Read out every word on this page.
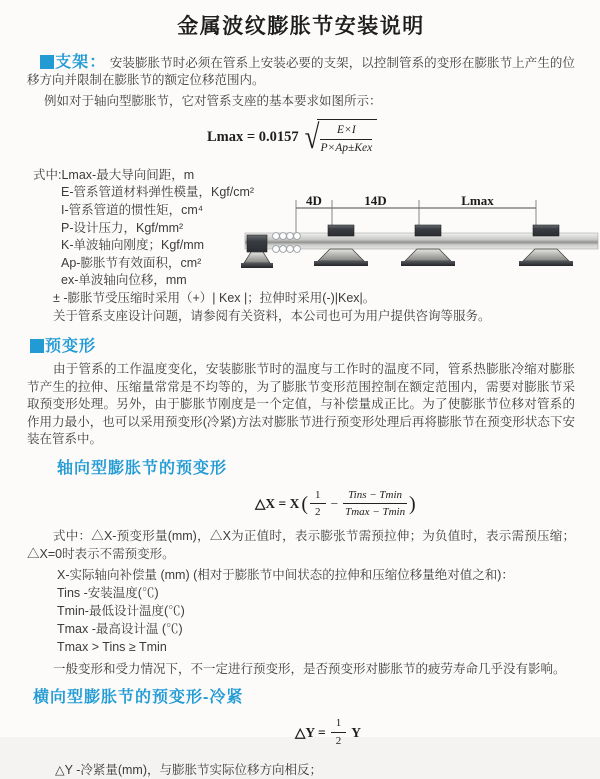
金属波纹膨胀节安装说明

支架： 安装膨胀节时必须在管系上安装必要的支架，以控制管系的变形在膨胀节上产生的位移方向并限制在膨胀节的额定位移范围内。

例如对于轴向型膨胀节，它对管系支座的基本要求如图所示：

Lmax = 0.0157 √ $\frac{E\times I}{\text{P×Ap±Kex}}$
式中:Lmax-最大导向间距，m
E-管系管道材料弹性模量，Kgf/cm²
I-管系管道的惯性矩，cm⁴
P-设计压力，Kgf/mm²
K-单波轴向刚度；Kgf/mm
Ap-膨胀节有效面积，cm²
ex-单波轴向位移，mm
± -膨胀节受压缩时采用（+）| Kex |；拉伸时采用(-)|Kex|。
关于管系支座设计问题，请参阅有关资料，本公司也可为用户提供咨询等服务。
预变形

由于管系的工作温度变化，安装膨胀节时的温度与工作时的温度不同，管系热膨胀冷缩对膨胀节产生的拉伸、压缩量常常是不均等的，为了膨胀节变形范围控制在额定范围内，需要对膨胀节采取预变形处理。另外，由于膨胀节刚度是一个定值，与补偿量成正比。为了使膨胀节位移对管系的作用力最小，也可以采用预变形(冷紧)方法对膨胀节进行预变形处理后再将膨胀节在预变形状态下安装在管系中。

轴向型膨胀节的预变形
△X = X ( $\frac{1}{2} - \frac{\text{Tins − Tmin}}{Tmax - Tmin}$ )

式中：△X-预变形量(mm)，△X为正值时，表示膨张节需预拉伸；为负值时，表示需预压缩；△X=0时表示不需预变形。

X-实际轴向补偿量 (mm) (相对于膨胀节中间状态的拉伸和压缩位移量绝对值之和)：
Tins -安装温度(℃)
Tmin-最低设计温度(℃)
Tmax -最高设计温 (℃)
Tmax > Tins ≥ Tmin

一般变形和受力情况下，不一定进行预变形，是否预变形对膨胀节的疲劳寿命几乎没有影响。

横向型膨胀节的预变形-冷紧
△Y = $\frac{1}{2}$ Y

△Y -冷紧量(mm)，与膨胀节实际位移方向相反；

4D	14D	Lmax
